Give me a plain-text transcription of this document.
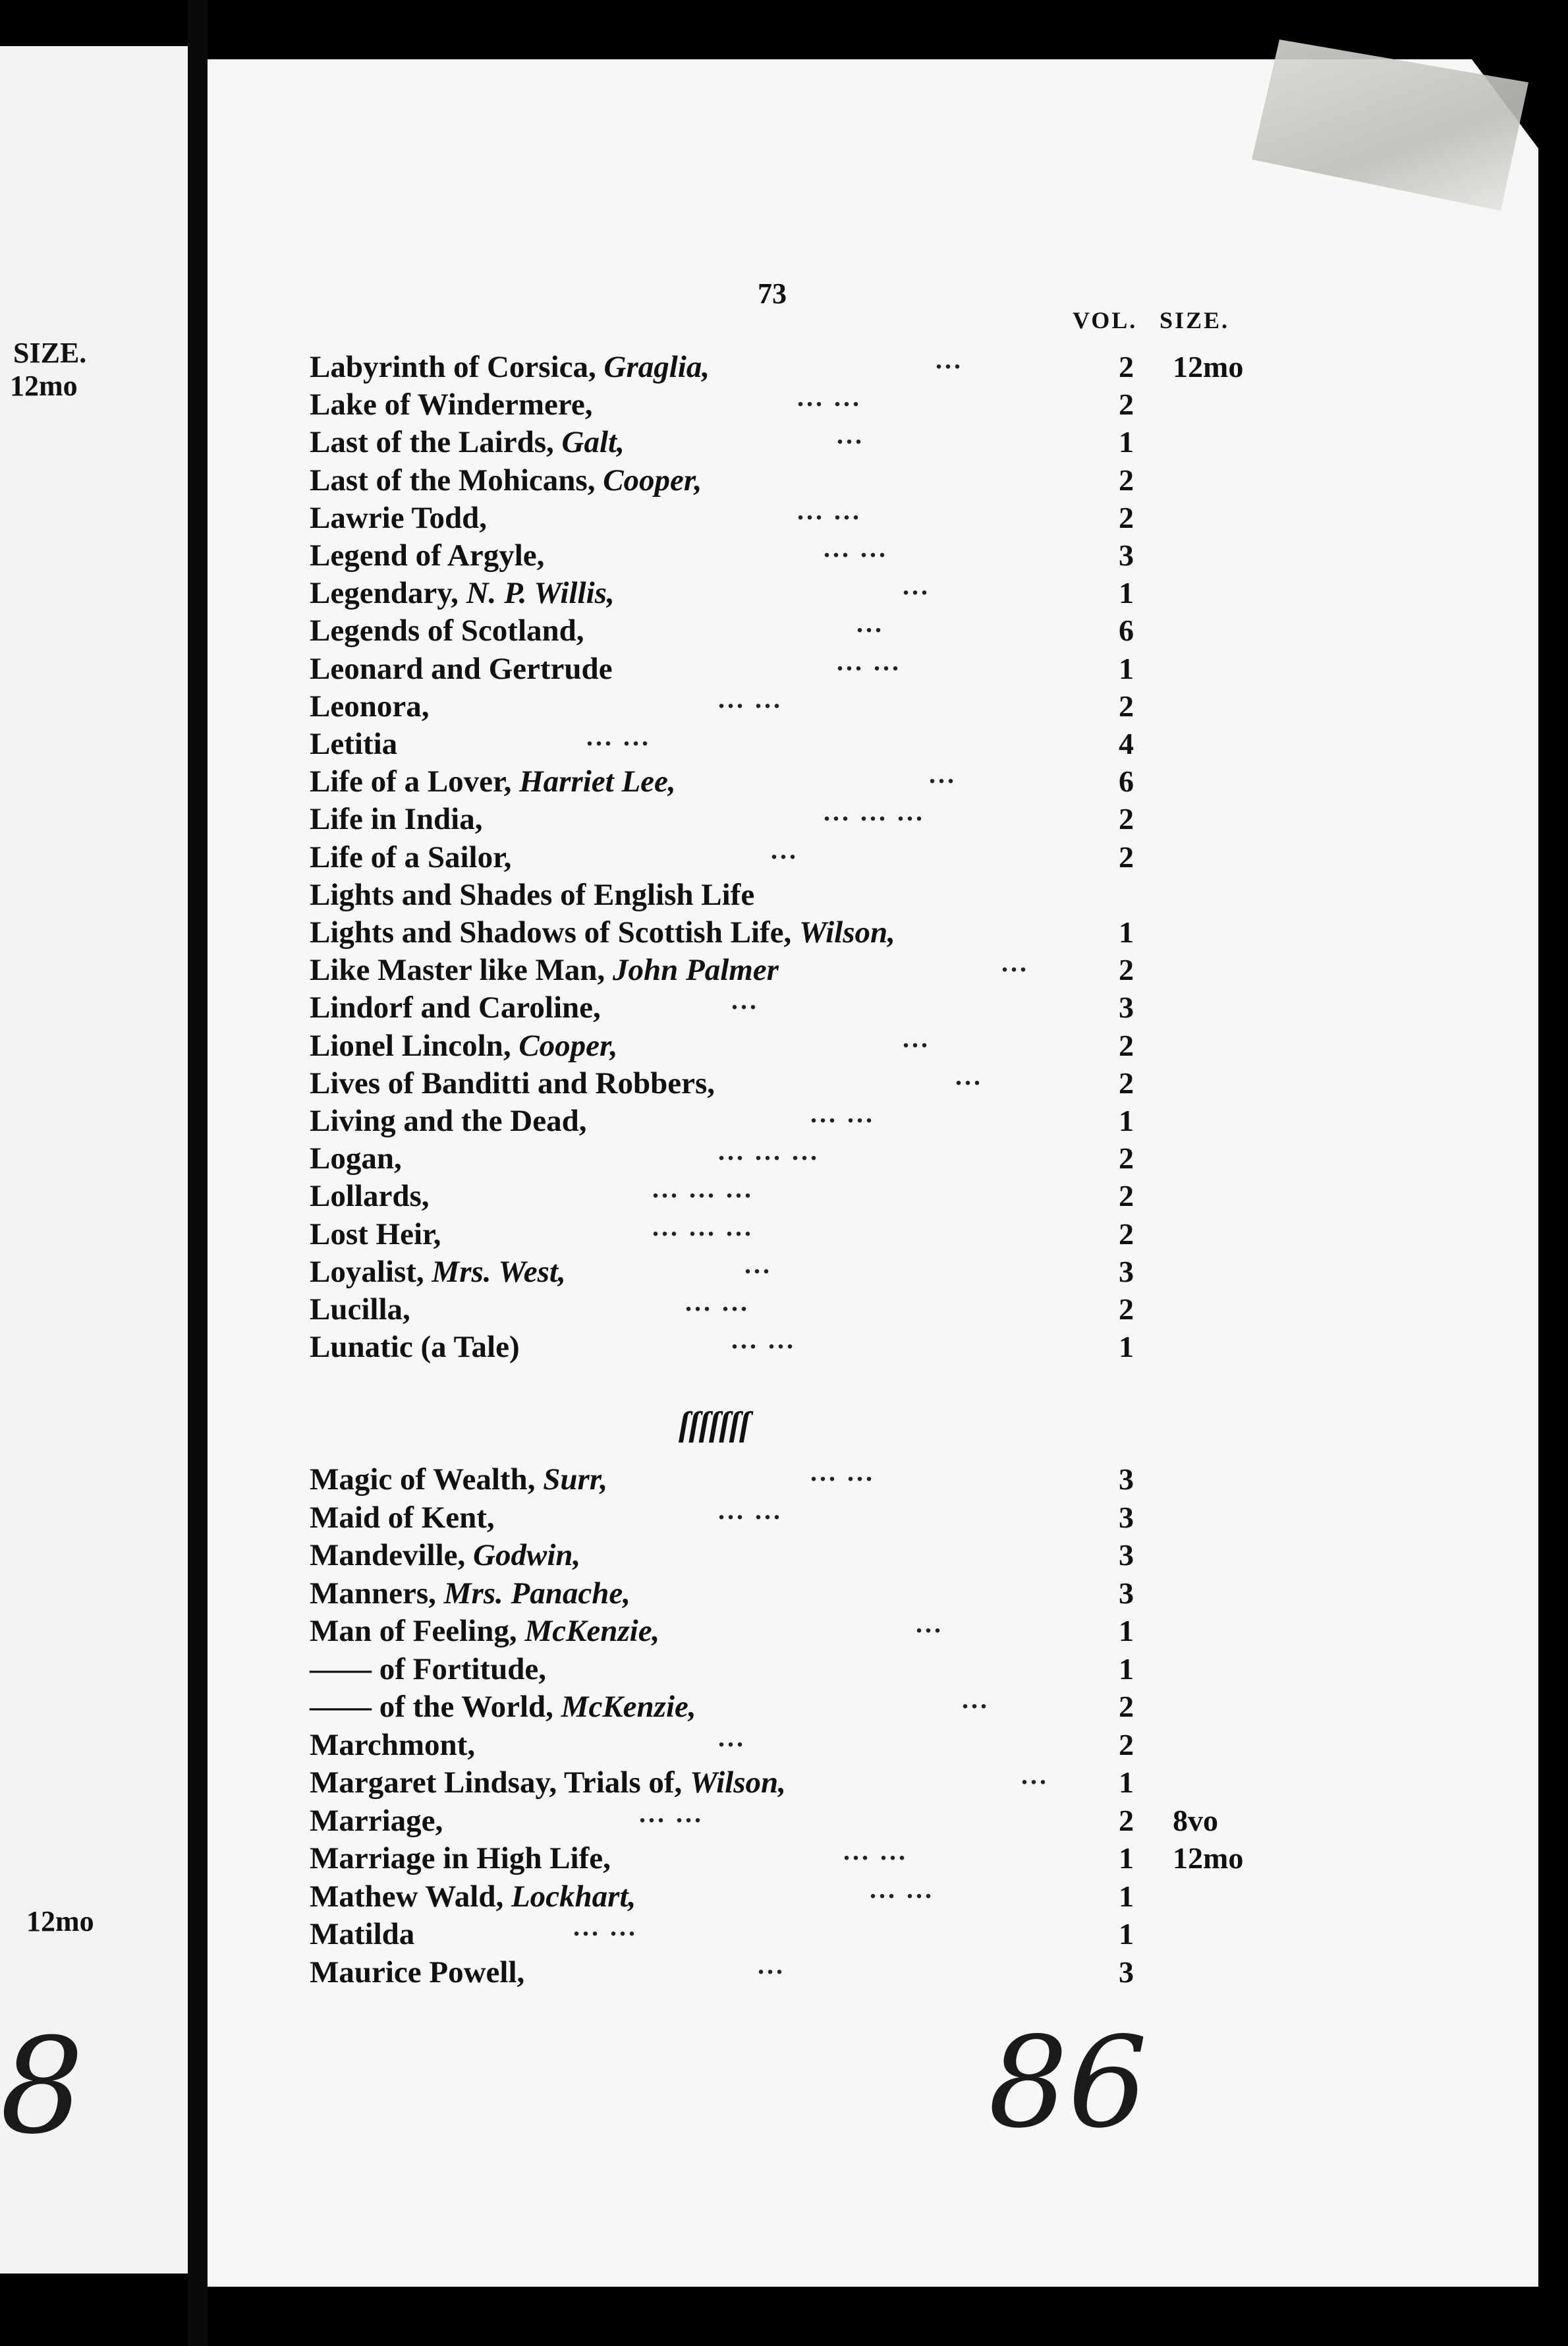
SIZE.
12mo
12mo
8
73
VOL. SIZE.
Labyrinth of Corsica, Graglia,	...	2 12mo
Lake of Windermere,	... ...	2
Last of the Lairds, Galt,	...	1
Last of the Mohicans, Cooper,	2
Lawrie Todd,	... ...	2
Legend of Argyle,	... ...	3
Legendary, N. P. Willis,	...	1
Legends of Scotland,	...	6
Leonard and Gertrude	... ...	1
Leonora,	... ...	2
Letitia	... ...	4
Life of a Lover, Harriet Lee,	...	6
Life in India,	... ... ...	2
Life of a Sailor,	...	2
Lights and Shades of English Life
Lights and Shadows of Scottish Life, Wilson,	1
Like Master like Man, John Palmer	...	2
Lindorf and Caroline,	...	3
Lionel Lincoln, Cooper,	...	2
Lives of Banditti and Robbers,	...	2
Living and the Dead,	... ...	1
Logan,	... ... ...	2
Lollards,	... ... ...	2
Lost Heir,	... ... ...	2
Loyalist, Mrs. West,	...	3
Lucilla,	... ...	2
Lunatic (a Tale)	... ...	1
Magic of Wealth, Surr,	... ...	3
Maid of Kent,	... ...	3
Mandeville, Godwin,	3
Manners, Mrs. Panache,	3
Man of Feeling, McKenzie,	...	1
—— of Fortitude,	1
—— of the World, McKenzie,	...	2
Marchmont,	...	2
Margaret Lindsay, Trials of, Wilson,	... 1
Marriage,	... ...	2 8vo
Marriage in High Life,	... ...	1 12mo
Mathew Wald, Lockhart,	... ...	1
Matilda	... ...	1
Maurice Powell,	...	3
ſſſſſſſ
86
